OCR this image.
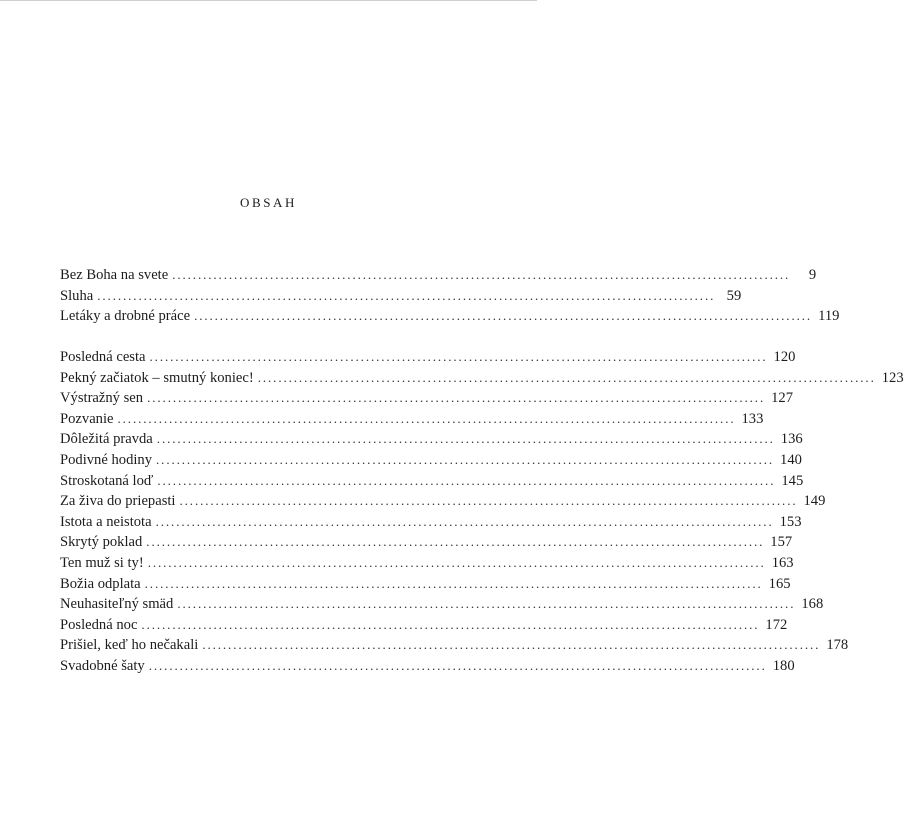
OBSAH
Bez Boha na svete ........................................................................................................................	9
Sluha ........................................................................................................................ 59
Letáky a drobné práce ........................................................................................................................ 119
Posledná cesta ........................................................................................................................ 120
Pekný začiatok – smutný koniec! ........................................................................................................................ 123
Výstražný sen ........................................................................................................................ 127
Pozvanie ........................................................................................................................ 133
Dôležitá pravda ........................................................................................................................ 136
Podivné hodiny ........................................................................................................................ 140
Stroskotaná loď ........................................................................................................................ 145
Za živa do priepasti ........................................................................................................................ 149
Istota a neistota ........................................................................................................................ 153
Skrytý poklad ........................................................................................................................ 157
Ten muž si ty! ........................................................................................................................ 163
Božia odplata ........................................................................................................................ 165
Neuhasiteľný smäd ........................................................................................................................ 168
Posledná noc ........................................................................................................................ 172
Prišiel, keď ho nečakali ........................................................................................................................ 178
Svadobné šaty ........................................................................................................................ 180
